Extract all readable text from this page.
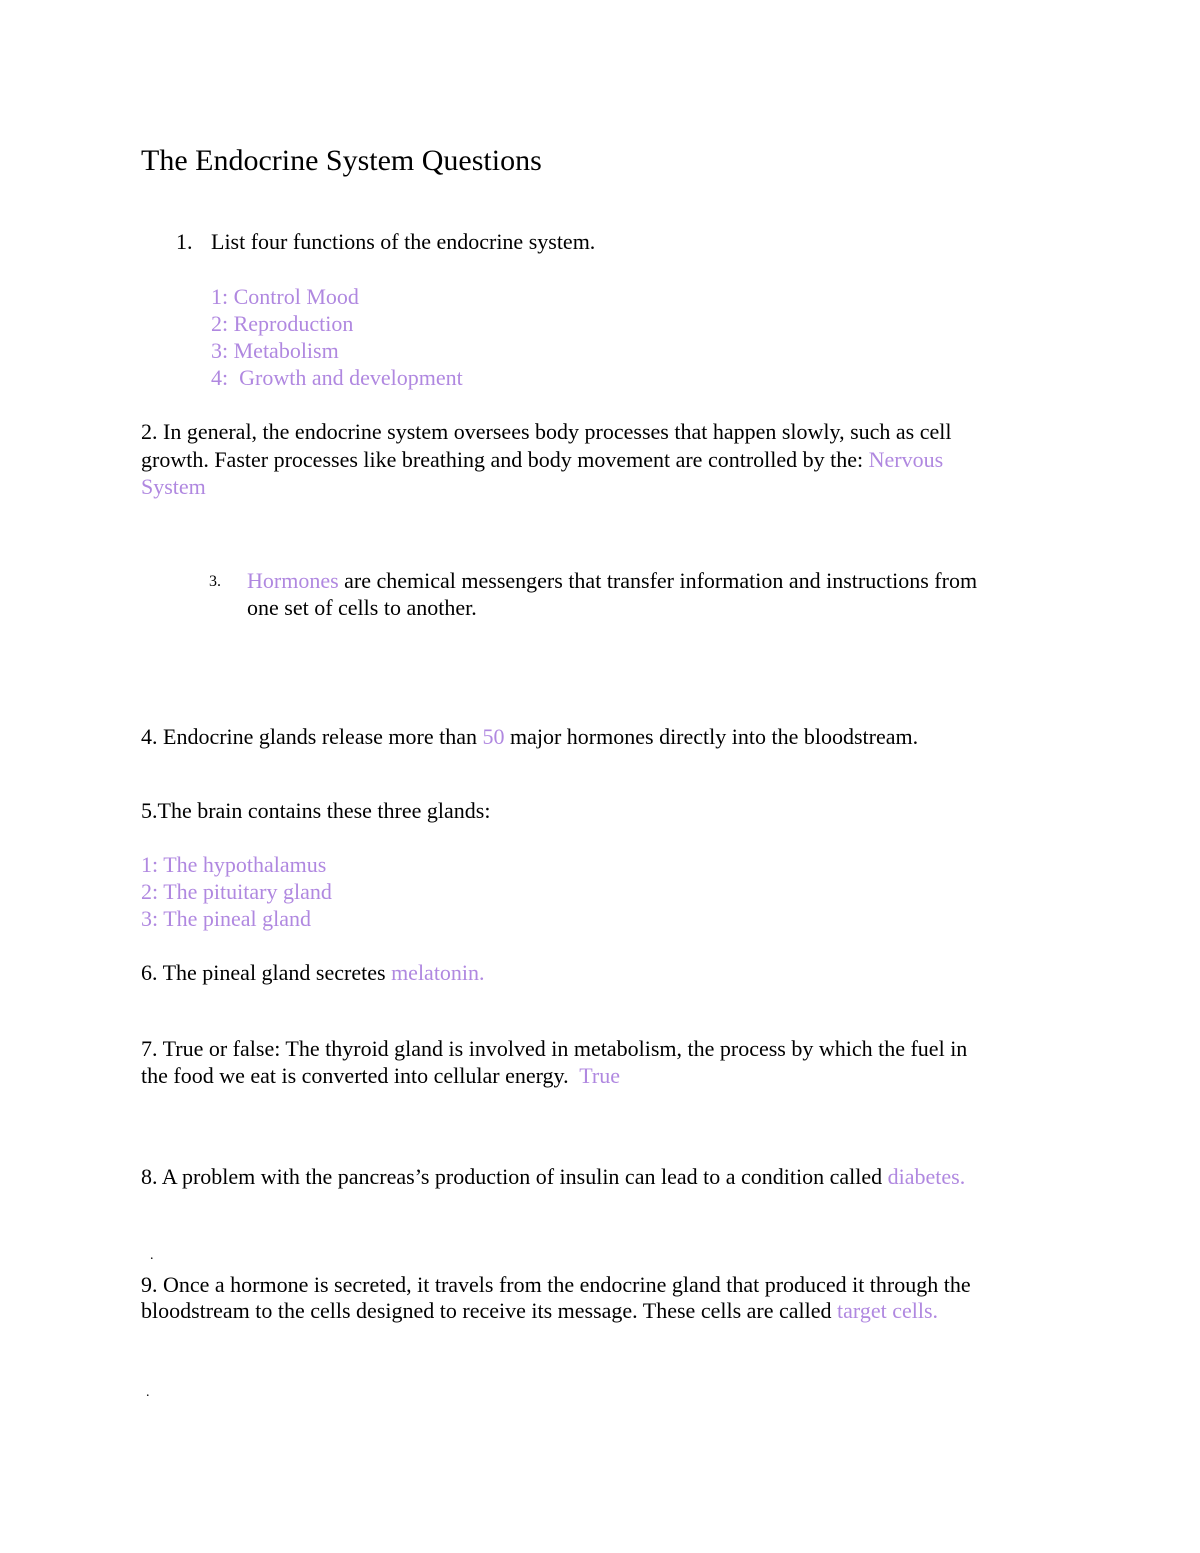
The Endocrine System Questions
1. List four functions of the endocrine system.
1: Control Mood
2: Reproduction
3: Metabolism
4:  Growth and development
2. In general, the endocrine system oversees body processes that happen slowly, such as cell
growth. Faster processes like breathing and body movement are controlled by the: Nervous
System
3. Hormones are chemical messengers that transfer information and instructions from
one set of cells to another.
4. Endocrine glands release more than 50 major hormones directly into the bloodstream.
5.The brain contains these three glands:
1: The hypothalamus
2: The pituitary gland
3: The pineal gland
6. The pineal gland secretes melatonin.
7. True or false: The thyroid gland is involved in metabolism, the process by which the fuel in
the food we eat is converted into cellular energy.  True
8. A problem with the pancreas’s production of insulin can lead to a condition called diabetes.
.
9. Once a hormone is secreted, it travels from the endocrine gland that produced it through the
bloodstream to the cells designed to receive its message. These cells are called target cells.
.
